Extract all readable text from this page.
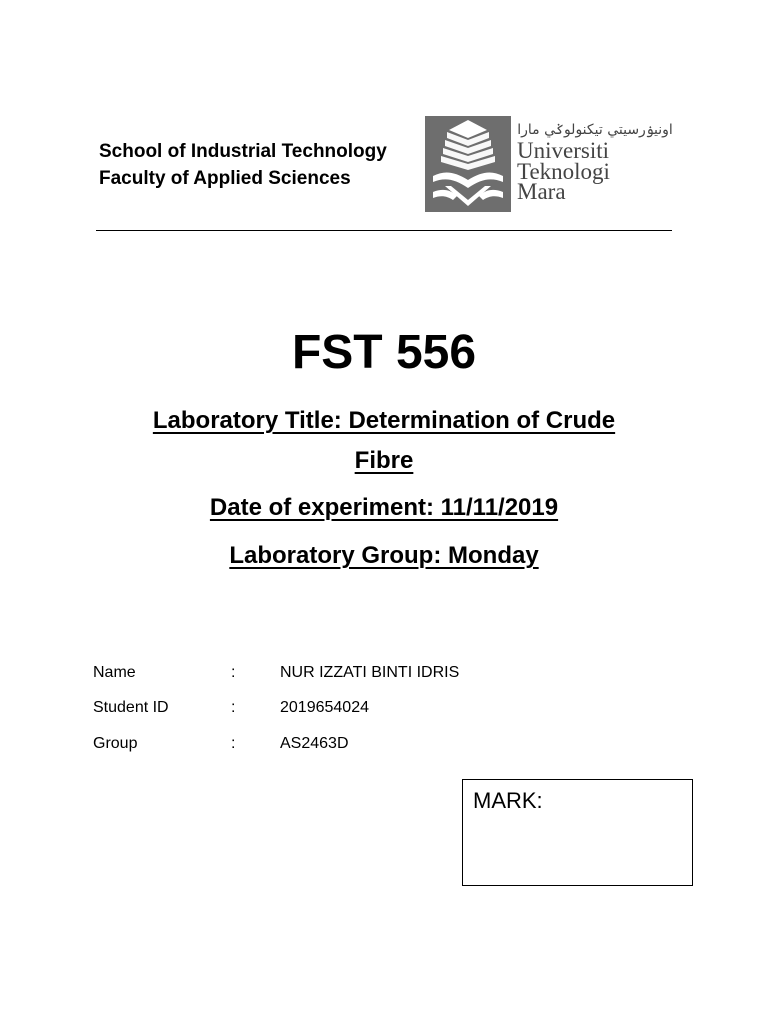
School of Industrial Technology
Faculty of Applied Sciences
اونيۏرسيتي تيکنولوݢي مارا
Universiti
Teknologi
Mara
FST 556
Laboratory Title: Determination of Crude
Fibre
Date of experiment: 11/11/2019
Laboratory Group: Monday
Name	:	NUR IZZATI BINTI IDRIS
Student ID	:	2019654024
Group	:	AS2463D
MARK:
